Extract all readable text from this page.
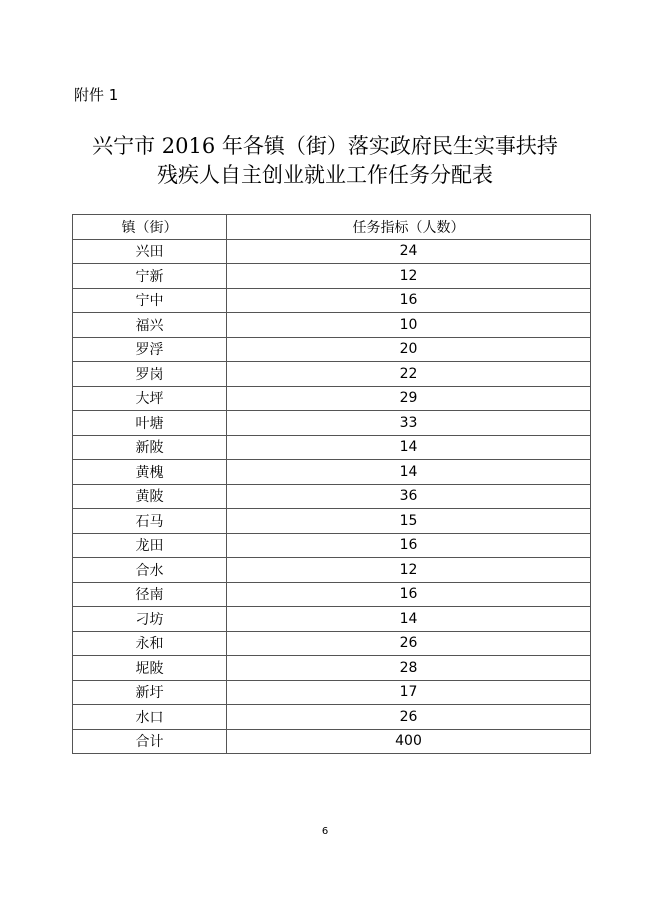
附件 1
兴宁市 2016 年各镇（街）落实政府民生实事扶持
残疾人自主创业就业工作任务分配表
镇（街）	任务指标（人数）
兴田	24
宁新	12
宁中	16
福兴	10
罗浮	20
罗岗	22
大坪	29
叶塘	33
新陂	14
黄槐	14
黄陂	36
石马	15
龙田	16
合水	12
径南	16
刁坊	14
永和	26
坭陂	28
新圩	17
水口	26
合计	400
6
